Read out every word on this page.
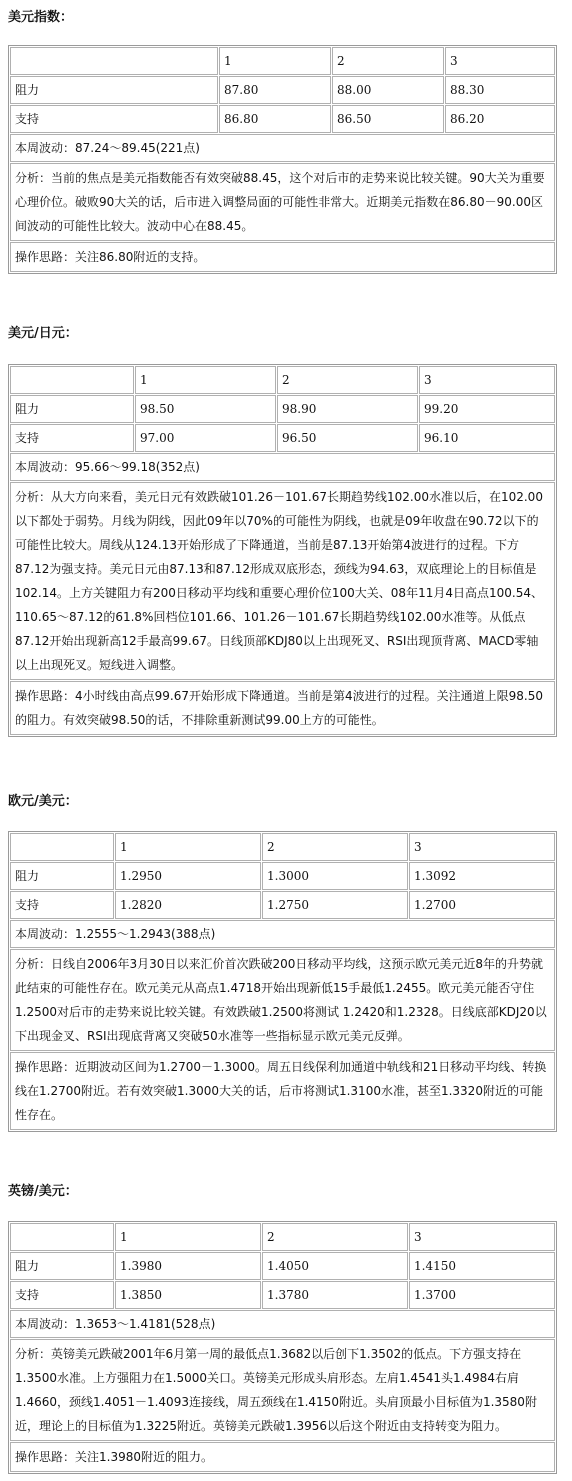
美元指数：
	1	2	3
阻力	87.80	88.00	88.30
支持	86.80	86.50	86.20
本周波动：87.24～89.45(221点)			
分析：当前的焦点是美元指数能否有效突破88.45，这个对后市的走势来说比较关键。90大关为重要心理价位。破败90大关的话，后市进入调整局面的可能性非常大。近期美元指数在86.80－90.00区间波动的可能性比较大。波动中心在88.45。			
操作思路：关注86.80附近的支持。			
美元/日元：
	1	2	3
阻力	98.50	98.90	99.20
支持	97.00	96.50	96.10
本周波动：95.66～99.18(352点)			
分析：从大方向来看，美元日元有效跌破101.26－101.67长期趋势线102.00水准以后，在102.00以下都处于弱势。月线为阴线，因此09年以70%的可能性为阴线，也就是09年收盘在90.72以下的可能性比较大。周线从124.13开始形成了下降通道，当前是87.13开始第4波进行的过程。下方87.12为强支持。美元日元由87.13和87.12形成双底形态，颈线为94.63，双底理论上的目标值是102.14。上方关键阻力有200日移动平均线和重要心理价位100大关、08年11月4日高点100.54、110.65～87.12的61.8%回档位101.66、101.26－101.67长期趋势线102.00水准等。从低点87.12开始出现新高12手最高99.67。日线顶部KDJ80以上出现死叉、RSI出现顶背离、MACD零轴以上出现死叉。短线进入调整。			
操作思路：4小时线由高点99.67开始形成下降通道。当前是第4波进行的过程。关注通道上限98.50的阻力。有效突破98.50的话，不排除重新测试99.00上方的可能性。			
欧元/美元：
	1	2	3
阻力	1.2950	1.3000	1.3092
支持	1.2820	1.2750	1.2700
本周波动：1.2555～1.2943(388点)			
分析：日线自2006年3月30日以来汇价首次跌破200日移动平均线，这预示欧元美元近8年的升势就此结束的可能性存在。欧元美元从高点1.4718开始出现新低15手最低1.2455。欧元美元能否守住1.2500对后市的走势来说比较关键。有效跌破1.2500将测试 1.2420和1.2328。日线底部KDJ20以下出现金叉、RSI出现底背离又突破50水准等一些指标显示欧元美元反弹。			
操作思路：近期波动区间为1.2700－1.3000。周五日线保利加通道中轨线和21日移动平均线、转换线在1.2700附近。若有效突破1.3000大关的话，后市将测试1.3100水准，甚至1.3320附近的可能性存在。			
英镑/美元：
	1	2	3
阻力	1.3980	1.4050	1.4150
支持	1.3850	1.3780	1.3700
本周波动：1.3653～1.4181(528点)			
分析：英镑美元跌破2001年6月第一周的最低点1.3682以后创下1.3502的低点。下方强支持在1.3500水准。上方强阻力在1.5000关口。英镑美元形成头肩形态。左肩1.4541头1.4984右肩1.4660，颈线1.4051－1.4093连接线，周五颈线在1.4150附近。头肩顶最小目标值为1.3580附近，理论上的目标值为1.3225附近。英镑美元跌破1.3956以后这个附近由支持转变为阻力。			
操作思路：关注1.3980附近的阻力。			
